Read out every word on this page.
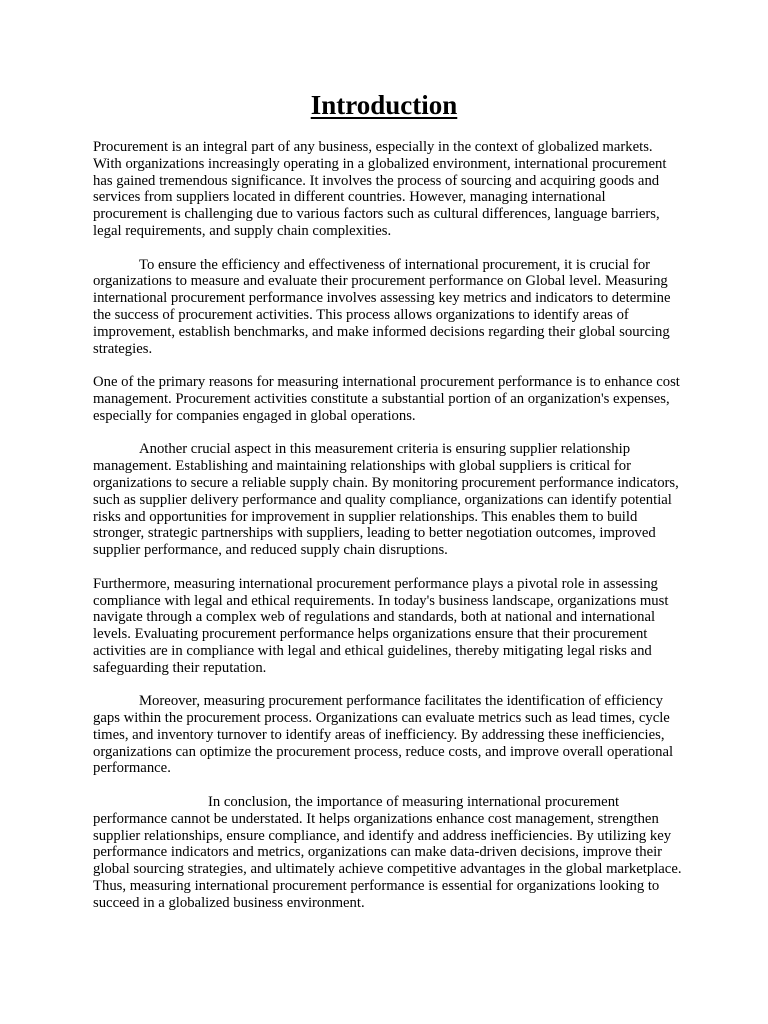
Introduction

Procurement is an integral part of any business, especially in the context of globalized markets. With organizations increasingly operating in a globalized environment, international procurement has gained tremendous significance. It involves the process of sourcing and acquiring goods and services from suppliers located in different countries. However, managing international procurement is challenging due to various factors such as cultural differences, language barriers, legal requirements, and supply chain complexities.

To ensure the efficiency and effectiveness of international procurement, it is crucial for organizations to measure and evaluate their procurement performance on Global level. Measuring international procurement performance involves assessing key metrics and indicators to determine the success of procurement activities. This process allows organizations to identify areas of improvement, establish benchmarks, and make informed decisions regarding their global sourcing strategies.

One of the primary reasons for measuring international procurement performance is to enhance cost management. Procurement activities constitute a substantial portion of an organization's expenses, especially for companies engaged in global operations.

Another crucial aspect in this measurement criteria is ensuring supplier relationship management. Establishing and maintaining relationships with global suppliers is critical for organizations to secure a reliable supply chain. By monitoring procurement performance indicators, such as supplier delivery performance and quality compliance, organizations can identify potential risks and opportunities for improvement in supplier relationships. This enables them to build stronger, strategic partnerships with suppliers, leading to better negotiation outcomes, improved supplier performance, and reduced supply chain disruptions.

Furthermore, measuring international procurement performance plays a pivotal role in assessing compliance with legal and ethical requirements. In today's business landscape, organizations must navigate through a complex web of regulations and standards, both at national and international levels. Evaluating procurement performance helps organizations ensure that their procurement activities are in compliance with legal and ethical guidelines, thereby mitigating legal risks and safeguarding their reputation.

Moreover, measuring procurement performance facilitates the identification of efficiency gaps within the procurement process. Organizations can evaluate metrics such as lead times, cycle times, and inventory turnover to identify areas of inefficiency. By addressing these inefficiencies, organizations can optimize the procurement process, reduce costs, and improve overall operational performance.

In conclusion, the importance of measuring international procurement performance cannot be understated. It helps organizations enhance cost management, strengthen supplier relationships, ensure compliance, and identify and address inefficiencies. By utilizing key performance indicators and metrics, organizations can make data-driven decisions, improve their global sourcing strategies, and ultimately achieve competitive advantages in the global marketplace. Thus, measuring international procurement performance is essential for organizations looking to succeed in a globalized business environment.
